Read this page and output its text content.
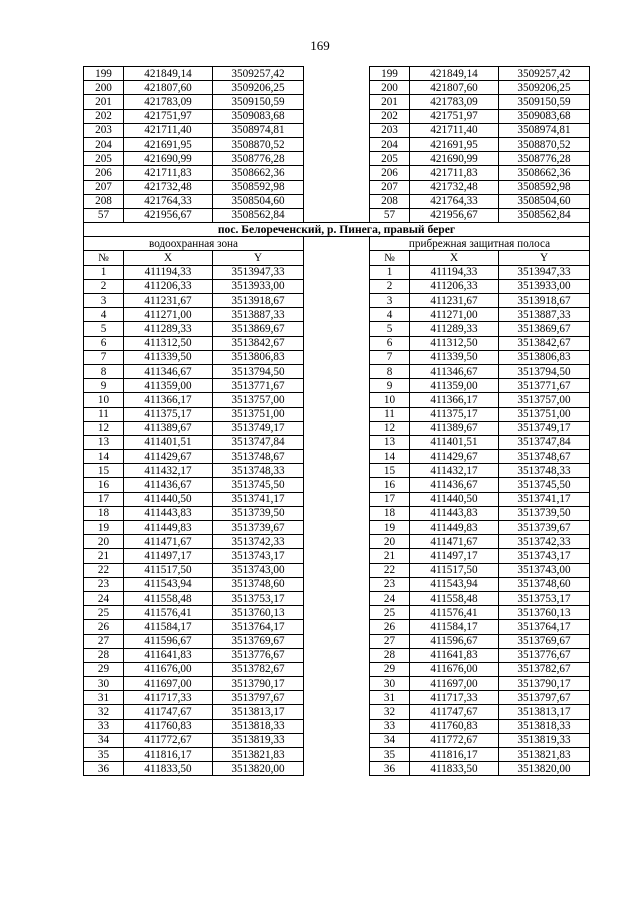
169
199	421849,14	3509257,42		199	421849,14	3509257,42
200	421807,60	3509206,25		200	421807,60	3509206,25
201	421783,09	3509150,59		201	421783,09	3509150,59
202	421751,97	3509083,68		202	421751,97	3509083,68
203	421711,40	3508974,81		203	421711,40	3508974,81
204	421691,95	3508870,52		204	421691,95	3508870,52
205	421690,99	3508776,28		205	421690,99	3508776,28
206	421711,83	3508662,36		206	421711,83	3508662,36
207	421732,48	3508592,98		207	421732,48	3508592,98
208	421764,33	3508504,60		208	421764,33	3508504,60
57	421956,67	3508562,84		57	421956,67	3508562,84
пос. Белореченский, р. Пинега, правый берег						
водоохранная зона				прибрежная защитная полоса		
№	X	Y		№	X	Y
1	411194,33	3513947,33		1	411194,33	3513947,33
2	411206,33	3513933,00		2	411206,33	3513933,00
3	411231,67	3513918,67		3	411231,67	3513918,67
4	411271,00	3513887,33		4	411271,00	3513887,33
5	411289,33	3513869,67		5	411289,33	3513869,67
6	411312,50	3513842,67		6	411312,50	3513842,67
7	411339,50	3513806,83		7	411339,50	3513806,83
8	411346,67	3513794,50		8	411346,67	3513794,50
9	411359,00	3513771,67		9	411359,00	3513771,67
10	411366,17	3513757,00		10	411366,17	3513757,00
11	411375,17	3513751,00		11	411375,17	3513751,00
12	411389,67	3513749,17		12	411389,67	3513749,17
13	411401,51	3513747,84		13	411401,51	3513747,84
14	411429,67	3513748,67		14	411429,67	3513748,67
15	411432,17	3513748,33		15	411432,17	3513748,33
16	411436,67	3513745,50		16	411436,67	3513745,50
17	411440,50	3513741,17		17	411440,50	3513741,17
18	411443,83	3513739,50		18	411443,83	3513739,50
19	411449,83	3513739,67		19	411449,83	3513739,67
20	411471,67	3513742,33		20	411471,67	3513742,33
21	411497,17	3513743,17		21	411497,17	3513743,17
22	411517,50	3513743,00		22	411517,50	3513743,00
23	411543,94	3513748,60		23	411543,94	3513748,60
24	411558,48	3513753,17		24	411558,48	3513753,17
25	411576,41	3513760,13		25	411576,41	3513760,13
26	411584,17	3513764,17		26	411584,17	3513764,17
27	411596,67	3513769,67		27	411596,67	3513769,67
28	411641,83	3513776,67		28	411641,83	3513776,67
29	411676,00	3513782,67		29	411676,00	3513782,67
30	411697,00	3513790,17		30	411697,00	3513790,17
31	411717,33	3513797,67		31	411717,33	3513797,67
32	411747,67	3513813,17		32	411747,67	3513813,17
33	411760,83	3513818,33		33	411760,83	3513818,33
34	411772,67	3513819,33		34	411772,67	3513819,33
35	411816,17	3513821,83		35	411816,17	3513821,83
36	411833,50	3513820,00		36	411833,50	3513820,00
